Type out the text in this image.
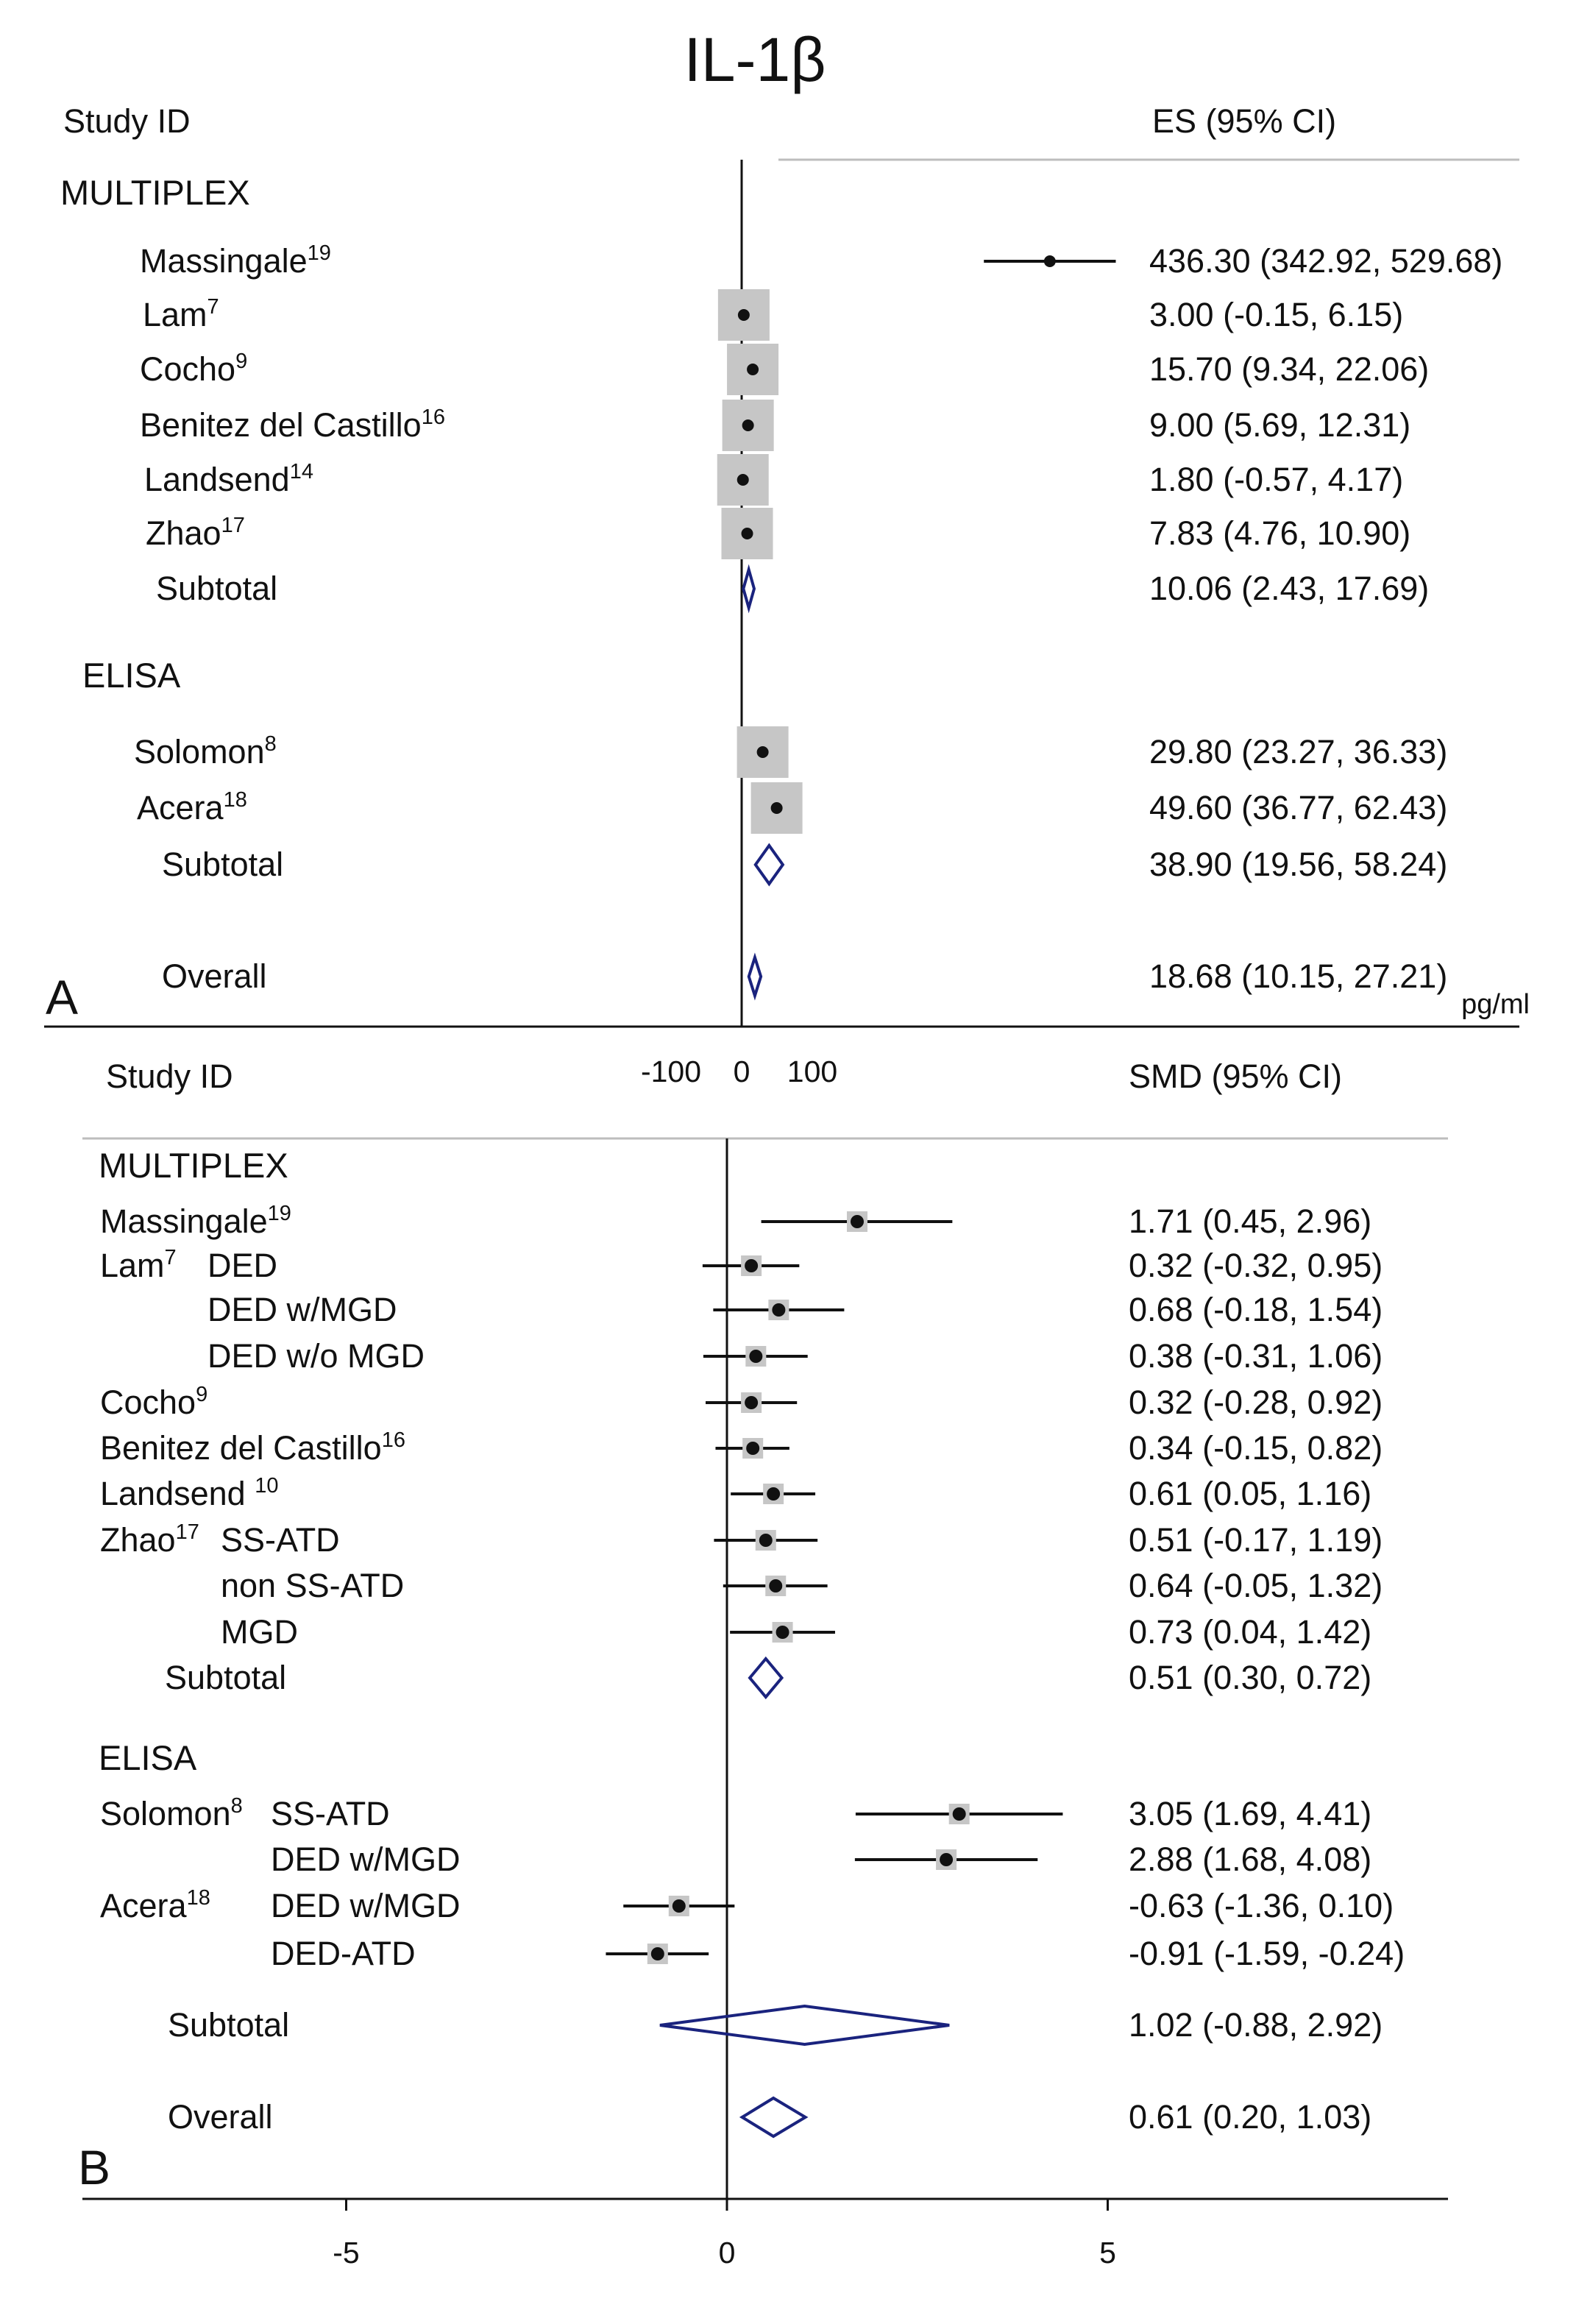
IL-1β
Study ID	ES (95% CI)
-100 0 100
A	pg/ml
MULTIPLEX
Massingale$^{19}$	436.30 (342.92, 529.68)
Lam$^7$	3.00 (-0.15, 6.15)
Cocho$^9$	15.70 (9.34, 22.06)
Benitez del Castillo$^{16}$	9.00 (5.69, 12.31)
Landsend$^{14}$	1.80 (-0.57, 4.17)
Zhao$^{17}$	7.83 (4.76, 10.90)
Subtotal	10.06 (2.43, 17.69)
ELISA
Solomon$^8$	29.80 (23.27, 36.33)
Acera$^{18}$	49.60 (36.77, 62.43)
Subtotal	38.90 (19.56, 58.24)
Overall	18.68 (10.15, 27.21)
Study ID	SMD (95% CI)
-5	0	5
B
MULTIPLEX
Massingale$^{19}$	1.71 (0.45, 2.96)
Lam$^7$ DED	0.32 (-0.32, 0.95)
DED w/MGD	0.68 (-0.18, 1.54)
DED w/o MGD	0.38 (-0.31, 1.06)
Cocho$^9$	0.32 (-0.28, 0.92)
Benitez del Castillo$^{16}$	0.34 (-0.15, 0.82)
Landsend $^{10}$	0.61 (0.05, 1.16)
Zhao$^{17}$ SS-ATD	0.51 (-0.17, 1.19)
non SS-ATD	0.64 (-0.05, 1.32)
MGD	0.73 (0.04, 1.42)
Subtotal	0.51 (0.30, 0.72)
ELISA
Solomon$^8$ SS-ATD	3.05 (1.69, 4.41)
DED w/MGD	2.88 (1.68, 4.08)
Acera$^{18}$ DED w/MGD	-0.63 (-1.36, 0.10)
DED-ATD	-0.91 (-1.59, -0.24)
Subtotal	1.02 (-0.88, 2.92)
Overall	0.61 (0.20, 1.03)
